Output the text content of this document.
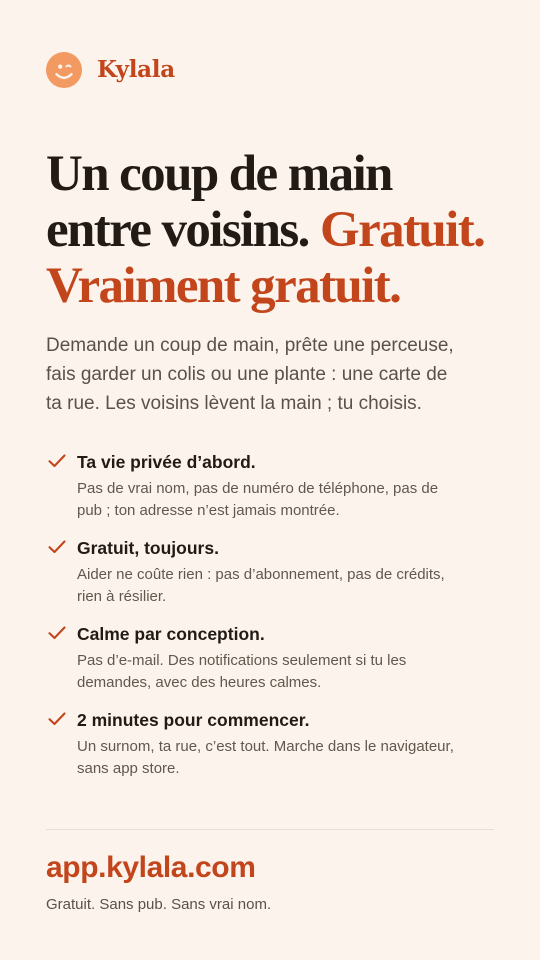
Kylala
Un coup de main
entre voisins. Gratuit.
Vraiment gratuit.

Demande un coup de main, prête une perceuse,
fais garder un colis ou une plante : une carte de
ta rue. Les voisins lèvent la main ; tu choisis.

Ta vie privée d’abord.
Pas de vrai nom, pas de numéro de téléphone, pas de
pub ; ton adresse n’est jamais montrée.
Gratuit, toujours.
Aider ne coûte rien : pas d’abonnement, pas de crédits,
rien à résilier.
Calme par conception.
Pas d’e-mail. Des notifications seulement si tu les
demandes, avec des heures calmes.
2 minutes pour commencer.
Un surnom, ta rue, c’est tout. Marche dans le navigateur,
sans app store.
app.kylala.com

Gratuit. Sans pub. Sans vrai nom.
